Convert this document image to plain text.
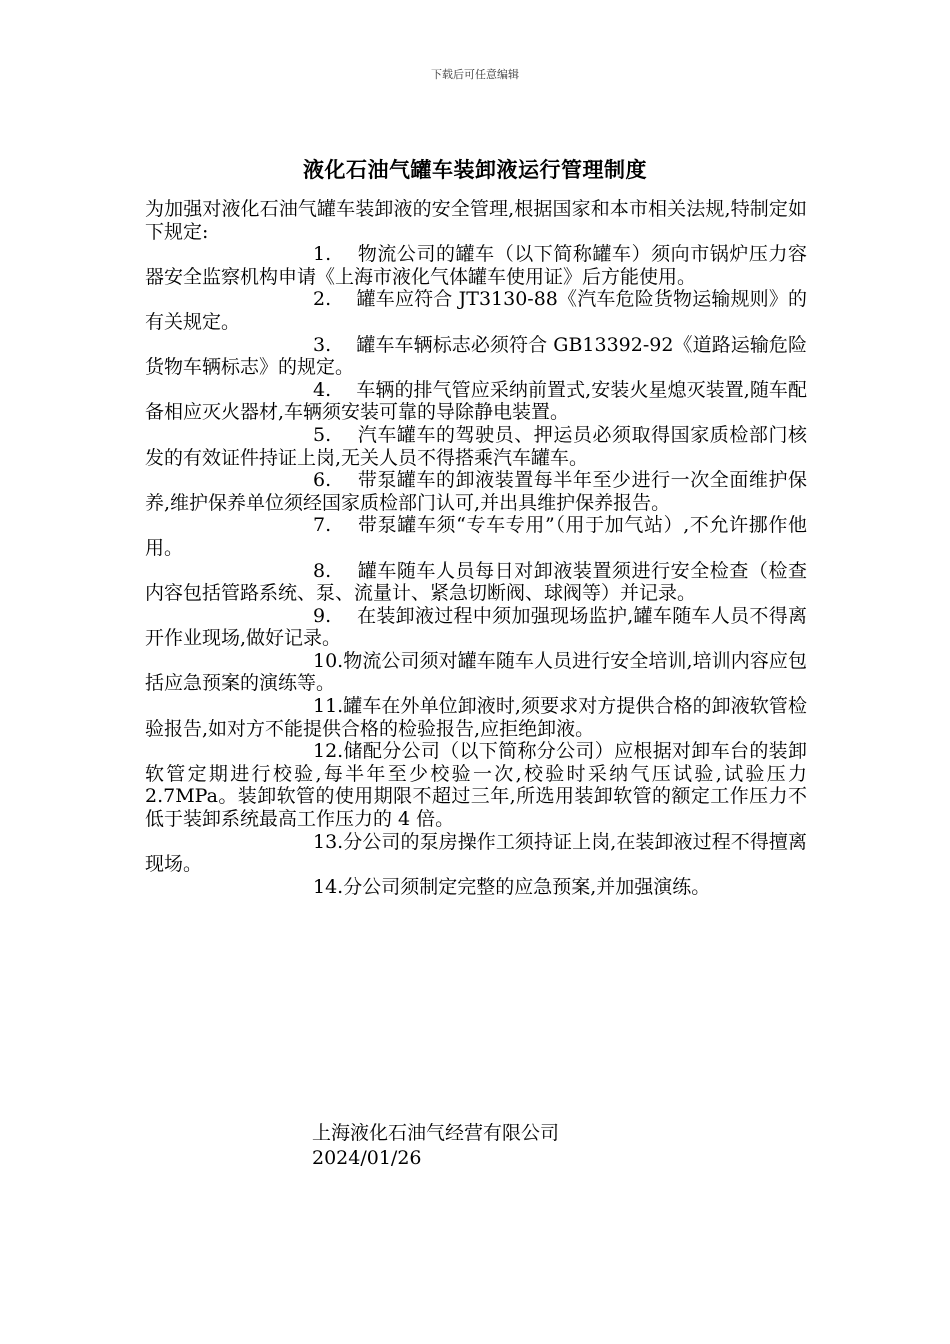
下载后可任意编辑
液化石油气罐车装卸液运行管理制度

为加强对液化石油气罐车装卸液的安全管理,根据国家和本市相关法规,特制定如下规定:

1.　 物流公司的罐车（以下简称罐车）须向市锅炉压力容器安全监察机构申请《上海市液化气体罐车使用证》后方能使用。

2.　 罐车应符合 JT3130-88《汽车危险货物运输规则》的有关规定。

3.　 罐车车辆标志必须符合 GB13392-92《道路运输危险货物车辆标志》的规定。

4.　 车辆的排气管应采纳前置式,安装火星熄灭装置,随车配备相应灭火器材,车辆须安装可靠的导除静电装置。

5.　 汽车罐车的驾驶员、押运员必须取得国家质检部门核发的有效证件持证上岗,无关人员不得搭乘汽车罐车。

6.　 带泵罐车的卸液装置每半年至少进行一次全面维护保养,维护保养单位须经国家质检部门认可,并出具维护保养报告。

7.　 带泵罐车须“专车专用”（用于加气站）,不允许挪作他用。

8.　 罐车随车人员每日对卸液装置须进行安全检查（检查内容包括管路系统、泵、流量计、紧急切断阀、球阀等）并记录。

9.　 在装卸液过程中须加强现场监护,罐车随车人员不得离开作业现场,做好记录。

10.物流公司须对罐车随车人员进行安全培训,培训内容应包括应急预案的演练等。

11.罐车在外单位卸液时,须要求对方提供合格的卸液软管检验报告,如对方不能提供合格的检验报告,应拒绝卸液。

12.储配分公司（以下简称分公司）应根据对卸车台的装卸软管定期进行校验,每半年至少校验一次,校验时采纳气压试验,试验压力 2.7MPa。装卸软管的使用期限不超过三年,所选用装卸软管的额定工作压力不低于装卸系统最高工作压力的 4 倍。

13.分公司的泵房操作工须持证上岗,在装卸液过程不得擅离现场。

14.分公司须制定完整的应急预案,并加强演练。

上海液化石油气经营有限公司
2024/01/26
